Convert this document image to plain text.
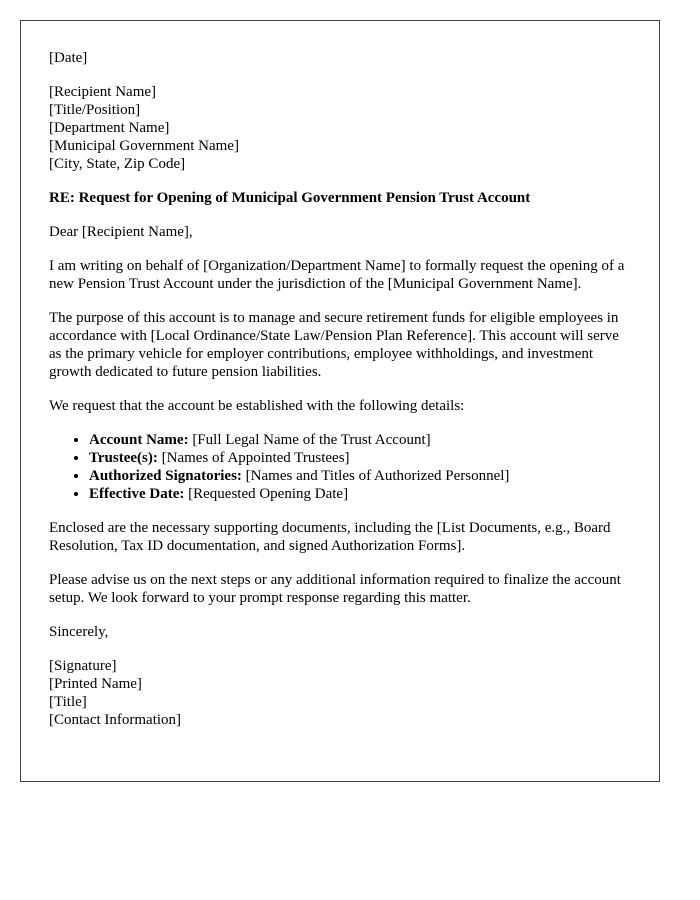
[Date]
[Recipient Name]
[Title/Position]
[Department Name]
[Municipal Government Name]
[City, State, Zip Code]

RE: Request for Opening of Municipal Government Pension Trust Account

Dear [Recipient Name],

I am writing on behalf of [Organization/Department Name] to formally request the opening of a new Pension Trust Account under the jurisdiction of the [Municipal Government Name].

The purpose of this account is to manage and secure retirement funds for eligible employees in accordance with [Local Ordinance/State Law/Pension Plan Reference]. This account will serve as the primary vehicle for employer contributions, employee withholdings, and investment growth dedicated to future pension liabilities.

We request that the account be established with the following details:

• Account Name: [Full Legal Name of the Trust Account]
• Trustee(s): [Names of Appointed Trustees]
• Authorized Signatories: [Names and Titles of Authorized Personnel]
• Effective Date: [Requested Opening Date]

Enclosed are the necessary supporting documents, including the [List Documents, e.g., Board Resolution, Tax ID documentation, and signed Authorization Forms].

Please advise us on the next steps or any additional information required to finalize the account setup. We look forward to your prompt response regarding this matter.

Sincerely,

[Signature]
[Printed Name]
[Title]
[Contact Information]
